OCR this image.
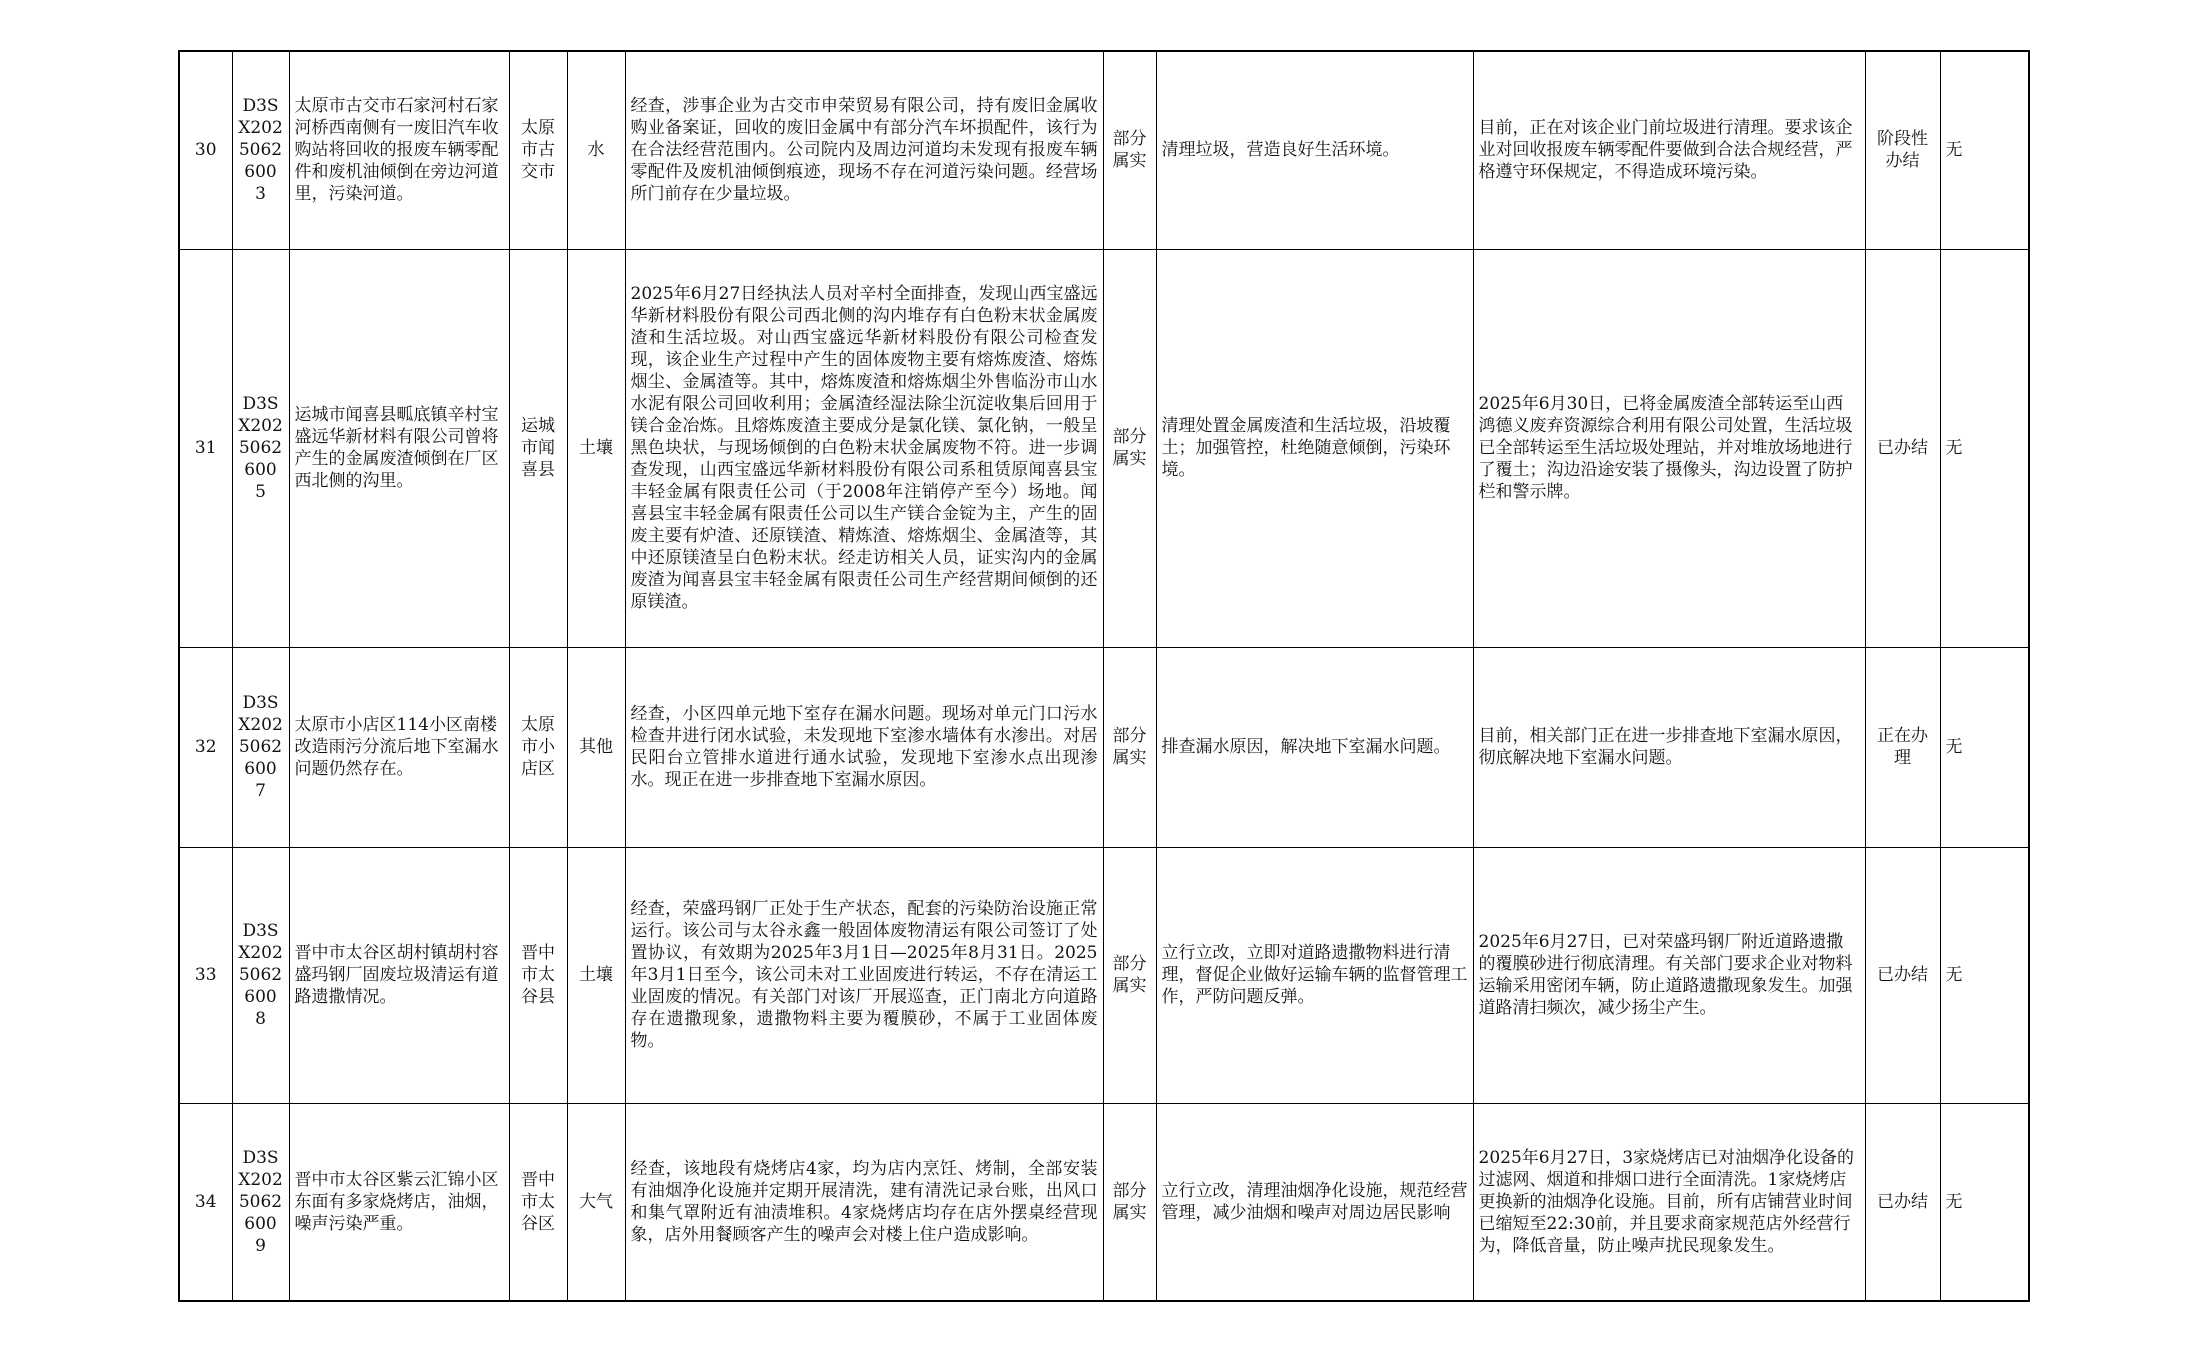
30	D3SX2025062600 3	太原市古交市石家河村石家河桥西南侧有一废旧汽车收购站将回收的报废车辆零配件和废机油倾倒在旁边河道里，污染河道。	太原市古交市	水	经查，涉事企业为古交市申荣贸易有限公司，持有废旧金属收购业备案证，回收的废旧金属中有部分汽车坏损配件，该行为在合法经营范围内。公司院内及周边河道均未发现有报废车辆零配件及废机油倾倒痕迹，现场不存在河道污染问题。经营场所门前存在少量垃圾。	部分属实	清理垃圾，营造良好生活环境。	目前，正在对该企业门前垃圾进行清理。要求该企业对回收报废车辆零配件要做到合法合规经营，严格遵守环保规定，不得造成环境污染。	阶段性办结	无
31	D3SX2025062600 5	运城市闻喜县畖底镇辛村宝盛远华新材料有限公司曾将产生的金属废渣倾倒在厂区西北侧的沟里。	运城市闻喜县	土壤	2025年6月27日经执法人员对辛村全面排查，发现山西宝盛远华新材料股份有限公司西北侧的沟内堆存有白色粉末状金属废渣和生活垃圾。对山西宝盛远华新材料股份有限公司检查发现，该企业生产过程中产生的固体废物主要有熔炼废渣、熔炼烟尘、金属渣等。其中，熔炼废渣和熔炼烟尘外售临汾市山水水泥有限公司回收利用；金属渣经湿法除尘沉淀收集后回用于镁合金冶炼。且熔炼废渣主要成分是氯化镁、氯化钠，一般呈黑色块状，与现场倾倒的白色粉末状金属废物不符。进一步调查发现，山西宝盛远华新材料股份有限公司系租赁原闻喜县宝丰轻金属有限责任公司（于2008年注销停产至今）场地。闻喜县宝丰轻金属有限责任公司以生产镁合金锭为主，产生的固废主要有炉渣、还原镁渣、精炼渣、熔炼烟尘、金属渣等，其中还原镁渣呈白色粉末状。经走访相关人员，证实沟内的金属废渣为闻喜县宝丰轻金属有限责任公司生产经营期间倾倒的还原镁渣。	部分属实	清理处置金属废渣和生活垃圾，沿坡覆土；加强管控，杜绝随意倾倒，污染环境。	2025年6月30日，已将金属废渣全部转运至山西鸿德义废弃资源综合利用有限公司处置，生活垃圾已全部转运至生活垃圾处理站，并对堆放场地进行了覆土；沟边沿途安装了摄像头，沟边设置了防护栏和警示牌。	已办结	无
32	D3SX2025062600 7	太原市小店区114小区南楼改造雨污分流后地下室漏水问题仍然存在。	太原市小店区	其他	经查，小区四单元地下室存在漏水问题。现场对单元门口污水检查井进行闭水试验，未发现地下室渗水墙体有水渗出。对居民阳台立管排水道进行通水试验，发现地下室渗水点出现渗水。现正在进一步排查地下室漏水原因。	部分属实	排查漏水原因，解决地下室漏水问题。	目前，相关部门正在进一步排查地下室漏水原因，彻底解决地下室漏水问题。	正在办理	无
33	D3SX2025062600 8	晋中市太谷区胡村镇胡村容盛玛钢厂固废垃圾清运有道路遗撒情况。	晋中市太谷县	土壤	经查，荣盛玛钢厂正处于生产状态，配套的污染防治设施正常运行。该公司与太谷永鑫一般固体废物清运有限公司签订了处置协议，有效期为2025年3月1日—2025年8月31日。2025年3月1日至今，该公司未对工业固废进行转运，不存在清运工业固废的情况。有关部门对该厂开展巡查，正门南北方向道路存在遗撒现象，遗撒物料主要为覆膜砂，不属于工业固体废物。	部分属实	立行立改，立即对道路遗撒物料进行清理，督促企业做好运输车辆的监督管理工作，严防问题反弹。	2025年6月27日，已对荣盛玛钢厂附近道路遗撒的覆膜砂进行彻底清理。有关部门要求企业对物料运输采用密闭车辆，防止道路遗撒现象发生。加强道路清扫频次，减少扬尘产生。	已办结	无
34	D3SX2025062600 9	晋中市太谷区紫云汇锦小区东面有多家烧烤店，油烟，噪声污染严重。	晋中市太谷区	大气	经查，该地段有烧烤店4家，均为店内烹饪、烤制，全部安装有油烟净化设施并定期开展清洗，建有清洗记录台账，出风口和集气罩附近有油渍堆积。4家烧烤店均存在店外摆桌经营现象，店外用餐顾客产生的噪声会对楼上住户造成影响。	部分属实	立行立改，清理油烟净化设施，规范经营管理，减少油烟和噪声对周边居民影响	2025年6月27日，3家烧烤店已对油烟净化设备的过滤网、烟道和排烟口进行全面清洗。1家烧烤店更换新的油烟净化设施。目前，所有店铺营业时间已缩短至22:30前，并且要求商家规范店外经营行为，降低音量，防止噪声扰民现象发生。	已办结	无
